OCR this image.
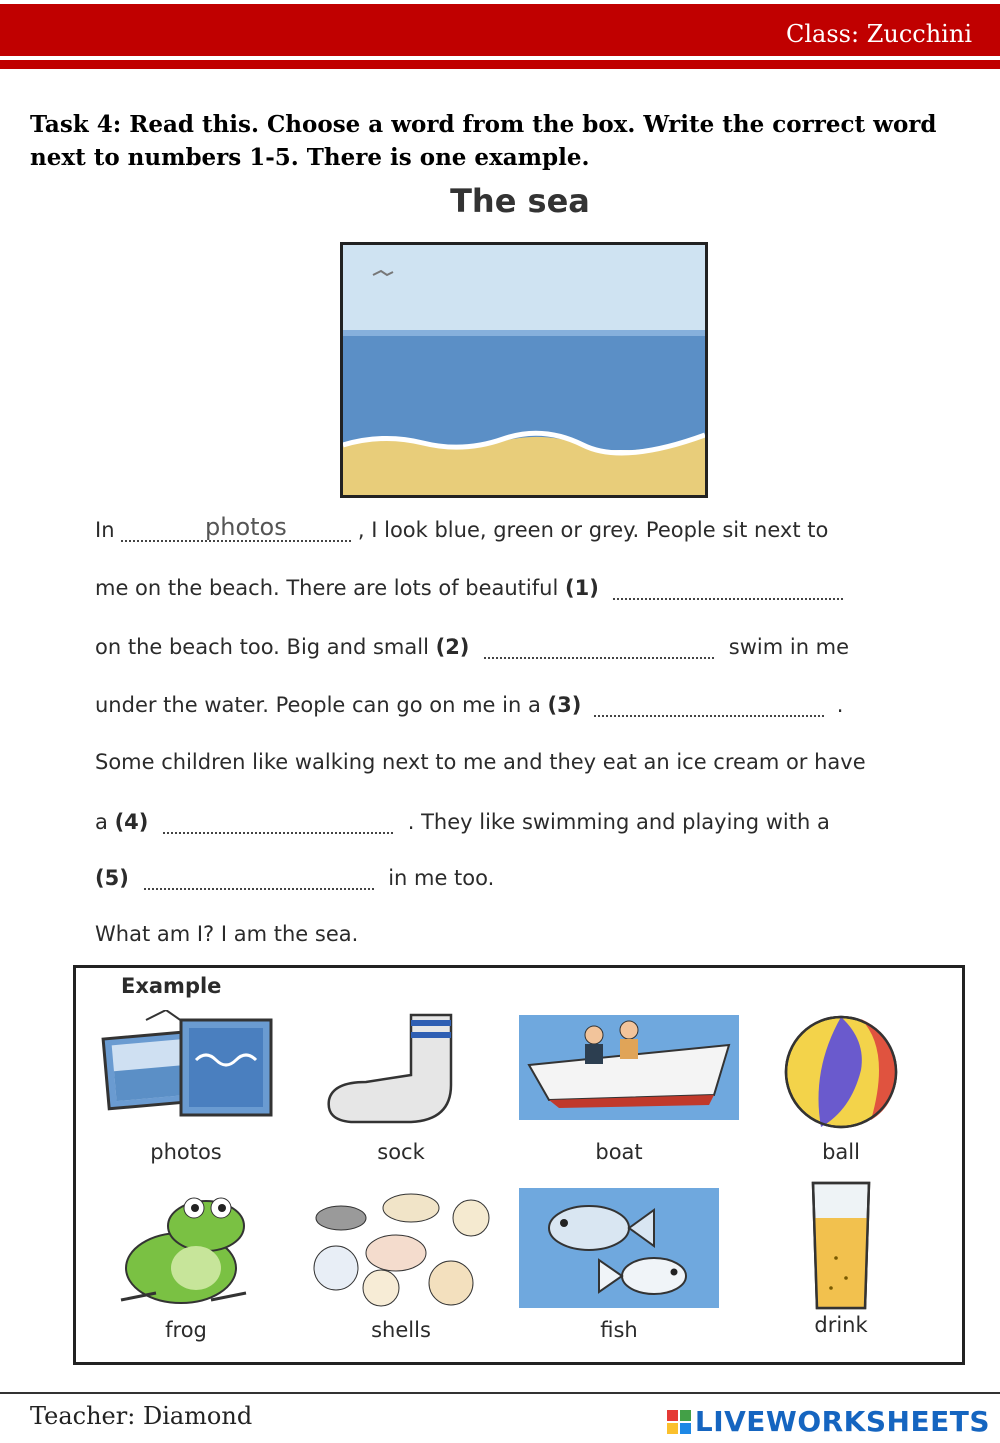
Class: Zucchini
Task 4: Read this. Choose a word from the box. Write the correct word next to numbers 1-5. There is one example.
The sea
photos
In	, I look blue, green or grey. People sit next to
me on the beach. There are lots of beautiful (1)
on the beach too. Big and small (2)	swim in me
under the water. People can go on me in a (3)	.
Some children like walking next to me and they eat an ice cream or have
a (4)	. They like swimming and playing with a
(5)	in me too.
What am I? I am the sea.
Example
photos	sock	boat	ball
frog	shells	fish	drink
Teacher: Diamond	LIVEWORKSHEETS
